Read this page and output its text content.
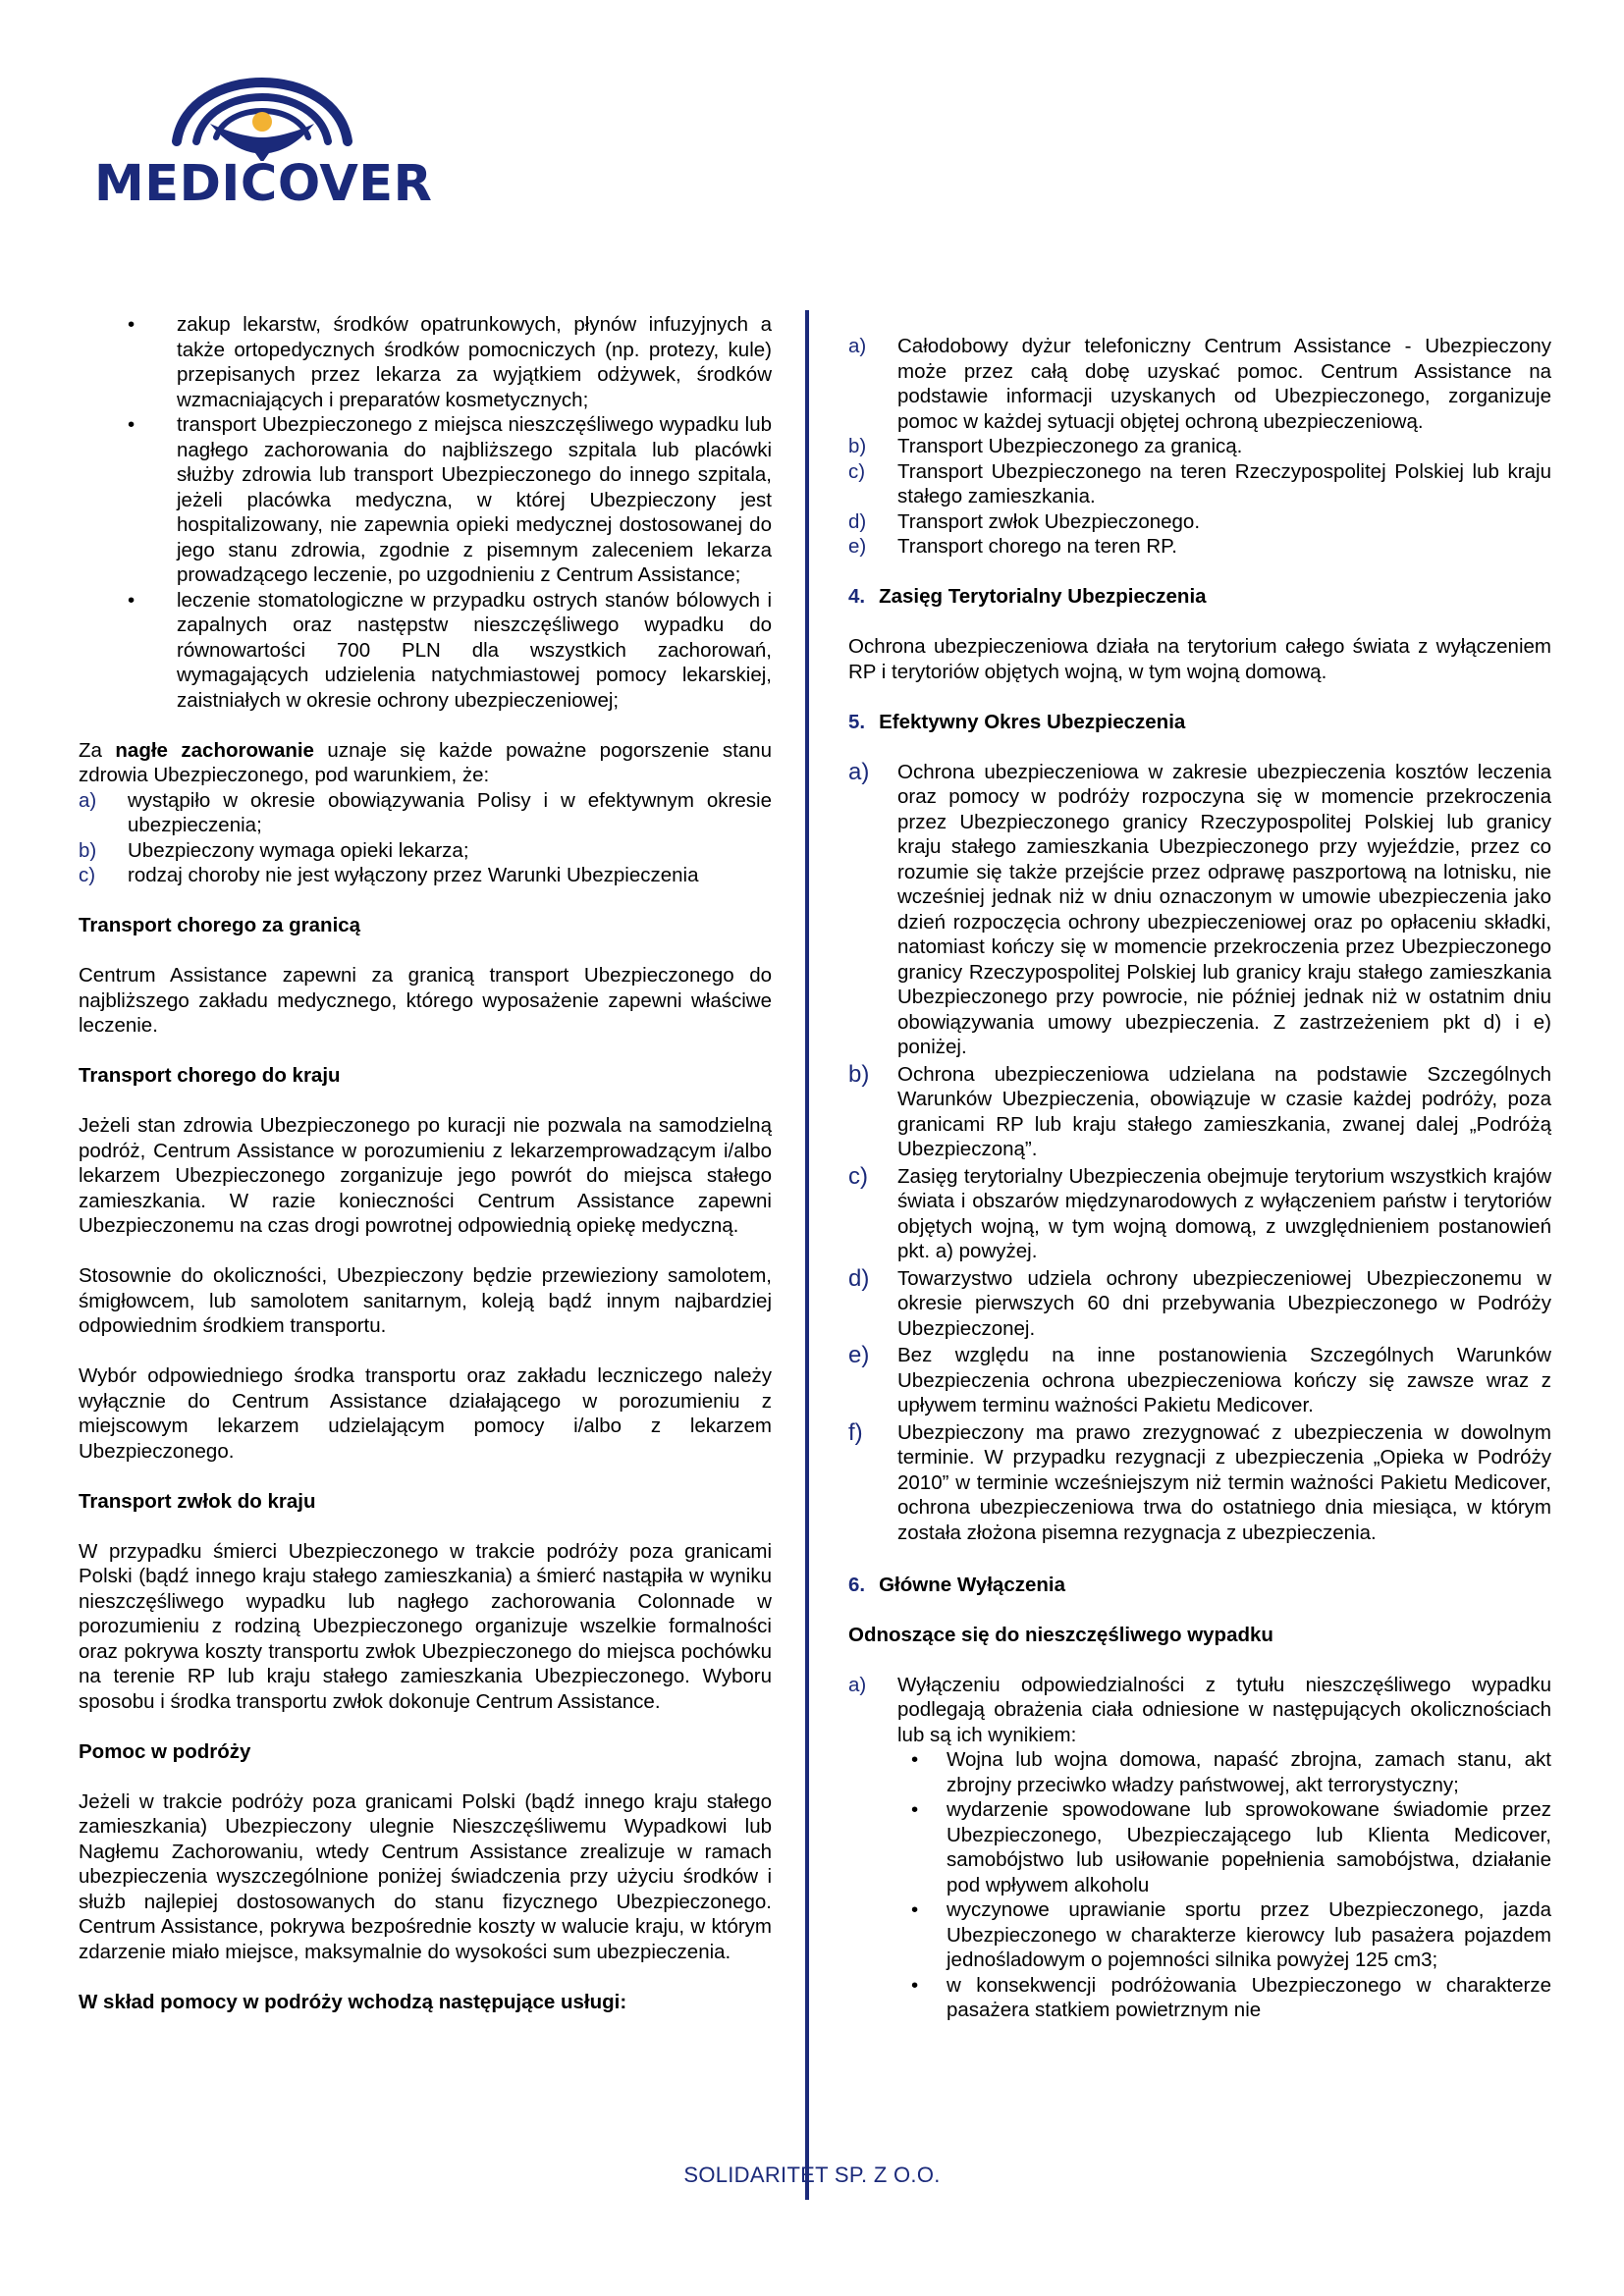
MEDICOVER
• zakup lekarstw, środków opatrunkowych, płynów infuzyjnych a także ortopedycznych środków pomocniczych (np. protezy, kule) przepisanych przez lekarza za wyjątkiem odżywek, środków wzmacniających i preparatów kosmetycznych;
• transport Ubezpieczonego z miejsca nieszczęśliwego wypadku lub nagłego zachorowania do najbliższego szpitala lub placówki służby zdrowia lub transport Ubezpieczonego do innego szpitala, jeżeli placówka medyczna, w której Ubezpieczony jest hospitalizowany, nie zapewnia opieki medycznej dostosowanej do jego stanu zdrowia, zgodnie z pisemnym zaleceniem lekarza prowadzącego leczenie, po uzgodnieniu z Centrum Assistance;
• leczenie stomatologiczne w przypadku ostrych stanów bólowych i zapalnych oraz następstw nieszczęśliwego wypadku do równowartości 700 PLN dla wszystkich zachorowań, wymagających udzielenia natychmiastowej pomocy lekarskiej, zaistniałych w okresie ochrony ubezpieczeniowej;

Za nagłe zachorowanie uznaje się każde poważne pogorszenie stanu zdrowia Ubezpieczonego, pod warunkiem, że:

a) wystąpiło w okresie obowiązywania Polisy i w efektywnym okresie ubezpieczenia;
b) Ubezpieczony wymaga opieki lekarza;
c) rodzaj choroby nie jest wyłączony przez Warunki Ubezpieczenia
Transport chorego za granicą

Centrum Assistance zapewni za granicą transport Ubezpieczonego do najbliższego zakładu medycznego, którego wyposażenie zapewni właściwe leczenie.

Transport chorego do kraju

Jeżeli stan zdrowia Ubezpieczonego po kuracji nie pozwala na samodzielną podróż, Centrum Assistance w porozumieniu z lekarzemprowadzącym i/albo lekarzem Ubezpieczonego zorganizuje jego powrót do miejsca stałego zamieszkania. W razie konieczności Centrum Assistance zapewni Ubezpieczonemu na czas drogi powrotnej odpowiednią opiekę medyczną.

Stosownie do okoliczności, Ubezpieczony będzie przewieziony samolotem, śmigłowcem, lub samolotem sanitarnym, koleją bądź innym najbardziej odpowiednim środkiem transportu.

Wybór odpowiedniego środka transportu oraz zakładu leczniczego należy wyłącznie do Centrum Assistance działającego w porozumieniu z miejscowym lekarzem udzielającym pomocy i/albo z lekarzem Ubezpieczonego.

Transport zwłok do kraju

W przypadku śmierci Ubezpieczonego w trakcie podróży poza granicami Polski (bądź innego kraju stałego zamieszkania) a śmierć nastąpiła w wyniku nieszczęśliwego wypadku lub nagłego zachorowania Colonnade w porozumieniu z rodziną Ubezpieczonego organizuje wszelkie formalności oraz pokrywa koszty transportu zwłok Ubezpieczonego do miejsca pochówku na terenie RP lub kraju stałego zamieszkania Ubezpieczonego. Wyboru sposobu i środka transportu zwłok dokonuje Centrum Assistance.

Pomoc w podróży

Jeżeli w trakcie podróży poza granicami Polski (bądź innego kraju stałego zamieszkania) Ubezpieczony ulegnie Nieszczęśliwemu Wypadkowi lub Nagłemu Zachorowaniu, wtedy Centrum Assistance zrealizuje w ramach ubezpieczenia wyszczególnione poniżej świadczenia przy użyciu środków i służb najlepiej dostosowanych do stanu fizycznego Ubezpieczonego. Centrum Assistance, pokrywa bezpośrednie koszty w walucie kraju, w którym zdarzenie miało miejsce, maksymalnie do wysokości sum ubezpieczenia.

W skład pomocy w podróży wchodzą następujące usługi:
a) Całodobowy dyżur telefoniczny Centrum Assistance - Ubezpieczony może przez całą dobę uzyskać pomoc. Centrum Assistance na podstawie informacji uzyskanych od Ubezpieczonego, zorganizuje pomoc w każdej sytuacji objętej ochroną ubezpieczeniową.
b) Transport Ubezpieczonego za granicą.
c) Transport Ubezpieczonego na teren Rzeczypospolitej Polskiej lub kraju stałego zamieszkania.
d) Transport zwłok Ubezpieczonego.
e) Transport chorego na teren RP.
4. Zasięg Terytorialny Ubezpieczenia

Ochrona ubezpieczeniowa działa na terytorium całego świata z wyłączeniem RP i terytoriów objętych wojną, w tym wojną domową.

5. Efektywny Okres Ubezpieczenia
a) Ochrona ubezpieczeniowa w zakresie ubezpieczenia kosztów leczenia oraz pomocy w podróży rozpoczyna się w momencie przekroczenia przez Ubezpieczonego granicy Rzeczypospolitej Polskiej lub granicy kraju stałego zamieszkania Ubezpieczonego przy wyjeździe, przez co rozumie się także przejście przez odprawę paszportową na lotnisku, nie wcześniej jednak niż w dniu oznaczonym w umowie ubezpieczenia jako dzień rozpoczęcia ochrony ubezpieczeniowej oraz po opłaceniu składki, natomiast kończy się w momencie przekroczenia przez Ubezpieczonego granicy Rzeczypospolitej Polskiej lub granicy kraju stałego zamieszkania Ubezpieczonego przy powrocie, nie później jednak niż w ostatnim dniu obowiązywania umowy ubezpieczenia. Z zastrzeżeniem pkt d) i e) poniżej.
b) Ochrona ubezpieczeniowa udzielana na podstawie Szczególnych Warunków Ubezpieczenia, obowiązuje w czasie każdej podróży, poza granicami RP lub kraju stałego zamieszkania, zwanej dalej „Podróżą Ubezpieczoną”.
c) Zasięg terytorialny Ubezpieczenia obejmuje terytorium wszystkich krajów świata i obszarów międzynarodowych z wyłączeniem państw i terytoriów objętych wojną, w tym wojną domową, z uwzględnieniem postanowień pkt. a) powyżej.
d) Towarzystwo udziela ochrony ubezpieczeniowej Ubezpieczonemu w okresie pierwszych 60 dni przebywania Ubezpieczonego w Podróży Ubezpieczonej.
e) Bez względu na inne postanowienia Szczególnych Warunków Ubezpieczenia ochrona ubezpieczeniowa kończy się zawsze wraz z upływem terminu ważności Pakietu Medicover.
f) Ubezpieczony ma prawo zrezygnować z ubezpieczenia w dowolnym terminie. W przypadku rezygnacji z ubezpieczenia „Opieka w Podróży 2010” w terminie wcześniejszym niż termin ważności Pakietu Medicover, ochrona ubezpieczeniowa trwa do ostatniego dnia miesiąca, w którym została złożona pisemna rezygnacja z ubezpieczenia.
6. Główne Wyłączenia
Odnoszące się do nieszczęśliwego wypadku
a) Wyłączeniu odpowiedzialności z tytułu nieszczęśliwego wypadku podlegają obrażenia ciała odniesione w następujących okolicznościach lub są ich wynikiem:
• Wojna lub wojna domowa, napaść zbrojna, zamach stanu, akt zbrojny przeciwko władzy państwowej, akt terrorystyczny;
• wydarzenie spowodowane lub sprowokowane świadomie przez Ubezpieczonego, Ubezpieczającego lub Klienta Medicover, samobójstwo lub usiłowanie popełnienia samobójstwa, działanie pod wpływem alkoholu
• wyczynowe uprawianie sportu przez Ubezpieczonego, jazda Ubezpieczonego w charakterze kierowcy lub pasażera pojazdem jednośladowym o pojemności silnika powyżej 125 cm3;
• w konsekwencji podróżowania Ubezpieczonego w charakterze pasażera statkiem powietrznym nie
SOLIDARITET SP. Z O.O.
